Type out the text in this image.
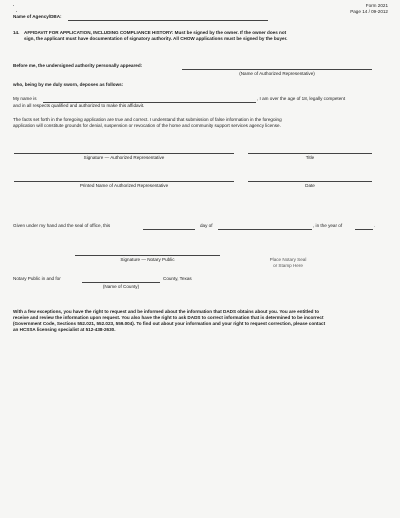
Name of Agency/DBA:
Form 2021
Page 14 / 09-2012
14. AFFIDAVIT FOR APPLICATION, INCLUDING COMPLIANCE HISTORY: Must be signed by the owner. If the owner does not
sign, the applicant must have documentation of signatory authority. All CHOW applications must be signed by the buyer.
Before me, the undersigned authority personally appeared:
(Name of Authorized Representative)
who, being by me duly sworn, deposes as follows:
My name is	, I am over the age of 18, legally competent
and in all respects qualified and authorized to make this affidavit.
The facts set forth in the foregoing application are true and correct. I understand that submission of false information in the foregoing
application will constitute grounds for denial, suspension or revocation of the home and community support services agency license.
Signature — Authorized Representative	Title
Printed Name of Authorized Representative	Date
Given under my hand and the seal of office, this	day of	, in the year of	.
Signature — Notary Public	Place Notary Seal
or Stamp Here
Notary Public in and for	County, Texas
(Name of County)
With a few exceptions, you have the right to request and be informed about the information that DADS obtains about you. You are entitled to
receive and review the information upon request. You also have the right to ask DADS to correct information that is determined to be incorrect
(Government Code, Sections 552.021, 552.023, 559.004). To find out about your information and your right to request correction, please contact
an HCSSA licensing specialist at 512-438-2630.
